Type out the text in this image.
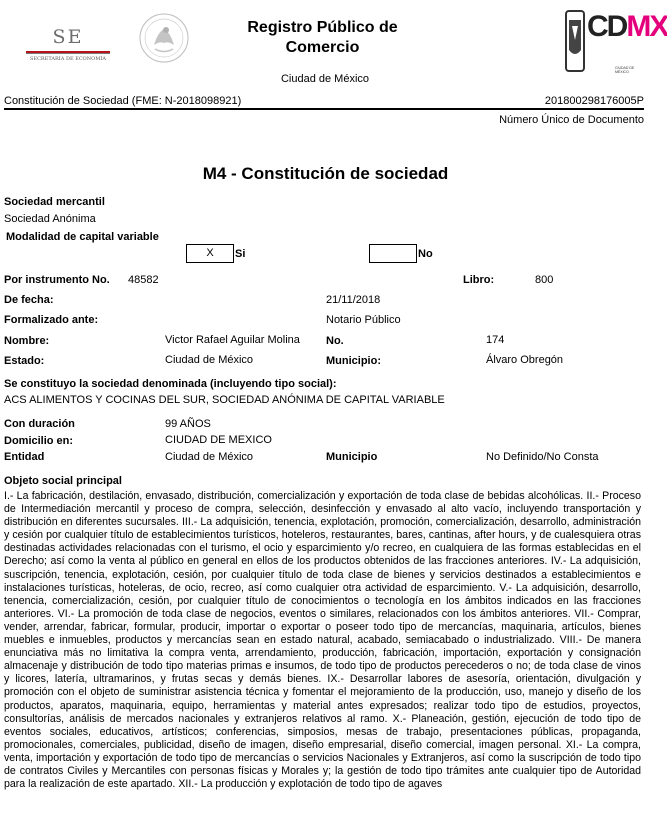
SE
SECRETARÍA DE ECONOMÍA
Registro Público de Comercio
CDMX
CIUDAD DE MÉXICO
Ciudad de México
Constitución de Sociedad (FME: N-2018098921)	201800298176005P
Número Único de Documento
M4 - Constitución de sociedad
Sociedad mercantil
Sociedad Anónima
Modalidad de capital variable
X	Si	No
Por instrumento No. 48582	Libro:	800
De fecha:	21/11/2018
Formalizado ante:	Notario Público
Nombre:	Victor Rafael Aguilar Molina No.	174
Estado:	Ciudad de México	Municipio:	Álvaro Obregón
Se constituyo la sociedad denominada (incluyendo tipo social):
ACS ALIMENTOS Y COCINAS DEL SUR, SOCIEDAD ANÓNIMA DE CAPITAL VARIABLE
Con duración	99 AÑOS
Domicilio en:	CIUDAD DE MEXICO
Entidad	Ciudad de México	Municipio	No Definido/No Consta
Objeto social principal
I.- La fabricación, destilación, envasado, distribución, comercialización y exportación de toda clase de bebidas alcohólicas. II.- Proceso de Intermediación mercantil y proceso de compra, selección, desinfección y envasado al alto vacío, incluyendo transportación y distribución en diferentes sucursales. III.- La adquisición, tenencia, explotación, promoción, comercialización, desarrollo, administración y cesión por cualquier título de establecimientos turísticos, hoteleros, restaurantes, bares, cantinas, after hours, y de cualesquiera otras destinadas actividades relacionadas con el turismo, el ocio y esparcimiento y/o recreo, en cualquiera de las formas establecidas en el Derecho; así como la venta al público en general en ellos de los productos obtenidos de las fracciones anteriores. IV.- La adquisición, suscripción, tenencia, explotación, cesión, por cualquier título de toda clase de bienes y servicios destinados a establecimientos e instalaciones turísticas, hoteleras, de ocio, recreo, así como cualquier otra actividad de esparcimiento. V.- La adquisición, desarrollo, tenencia, comercialización, cesión, por cualquier título de conocimientos o tecnología en los ámbitos indicados en las fracciones anteriores. VI.- La promoción de toda clase de negocios, eventos o similares, relacionados con los ámbitos anteriores. VII.- Comprar, vender, arrendar, fabricar, formular, producir, importar o exportar o poseer todo tipo de mercancías, maquinaria, artículos, bienes muebles e inmuebles, productos y mercancías sean en estado natural, acabado, semiacabado o industrializado. VIII.- De manera enunciativa más no limitativa la compra venta, arrendamiento, producción, fabricación, importación, exportación y consignación almacenaje y distribución de todo tipo materias primas e insumos, de todo tipo de productos perecederos o no; de toda clase de vinos y licores, latería, ultramarinos, y frutas secas y demás bienes. IX.- Desarrollar labores de asesoría, orientación, divulgación y promoción con el objeto de suministrar asistencia técnica y fomentar el mejoramiento de la producción, uso, manejo y diseño de los productos, aparatos, maquinaria, equipo, herramientas y material antes expresados; realizar todo tipo de estudios, proyectos, consultorías, análisis de mercados nacionales y extranjeros relativos al ramo. X.- Planeación, gestión, ejecución de todo tipo de eventos sociales, educativos, artísticos; conferencias, simposios, mesas de trabajo, presentaciones públicas, propaganda, promocionales, comerciales, publicidad, diseño de imagen, diseño empresarial, diseño comercial, imagen personal. XI.- La compra, venta, importación y exportación de todo tipo de mercancías o servicios Nacionales y Extranjeros, así como la suscripción de todo tipo de contratos Civiles y Mercantiles con personas físicas y Morales y; la gestión de todo tipo trámites ante cualquier tipo de Autoridad para la realización de este apartado. XII.- La producción y explotación de todo tipo de agaves
